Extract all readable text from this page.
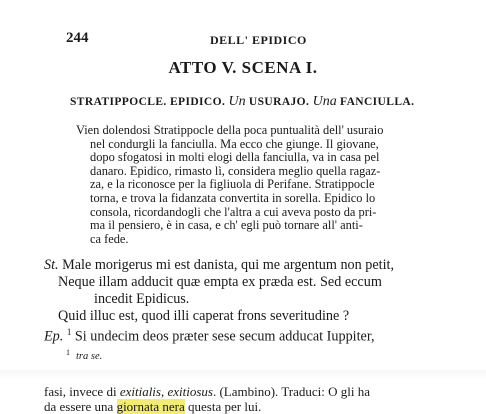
244	DELL' EPIDICO
ATTO V. SCENA I.
STRATIPPOCLE. EPIDICO. Un USURAJO. Una FANCIULLA.
Vien dolendosi Stratippocle della poca puntualità dell' usuraio
nel condurgli la fanciulla. Ma ecco che giunge. Il giovane,
dopo sfogatosi in molti elogi della fanciulla, va in casa pel
danaro. Epidico, rimasto lì, considera meglio quella ragaz-
za, e la riconosce per la figliuola di Perifane. Stratippocle
torna, e trova la fidanzata convertita in sorella. Epidico lo
consola, ricordandogli che l'altra a cui aveva posto da pri-
ma il pensiero, è in casa, e ch' egli può tornare all' anti-
ca fede.
St. Male morigerus mi est danista, qui me argentum non petit,
Neque illam adducit quæ empta ex præda est. Sed eccum
incedit Epidicus.
Quid illuc est, quod illi caperat frons severitudine ?
Ep. $^1$ Si undecim deos præter sese secum adducat Iuppiter,
$^1$ tra se.
fasi, invece di exitialis, exitiosus. (Lambino). Traduci: O gli ha
da essere una giornata nera questa per lui.
